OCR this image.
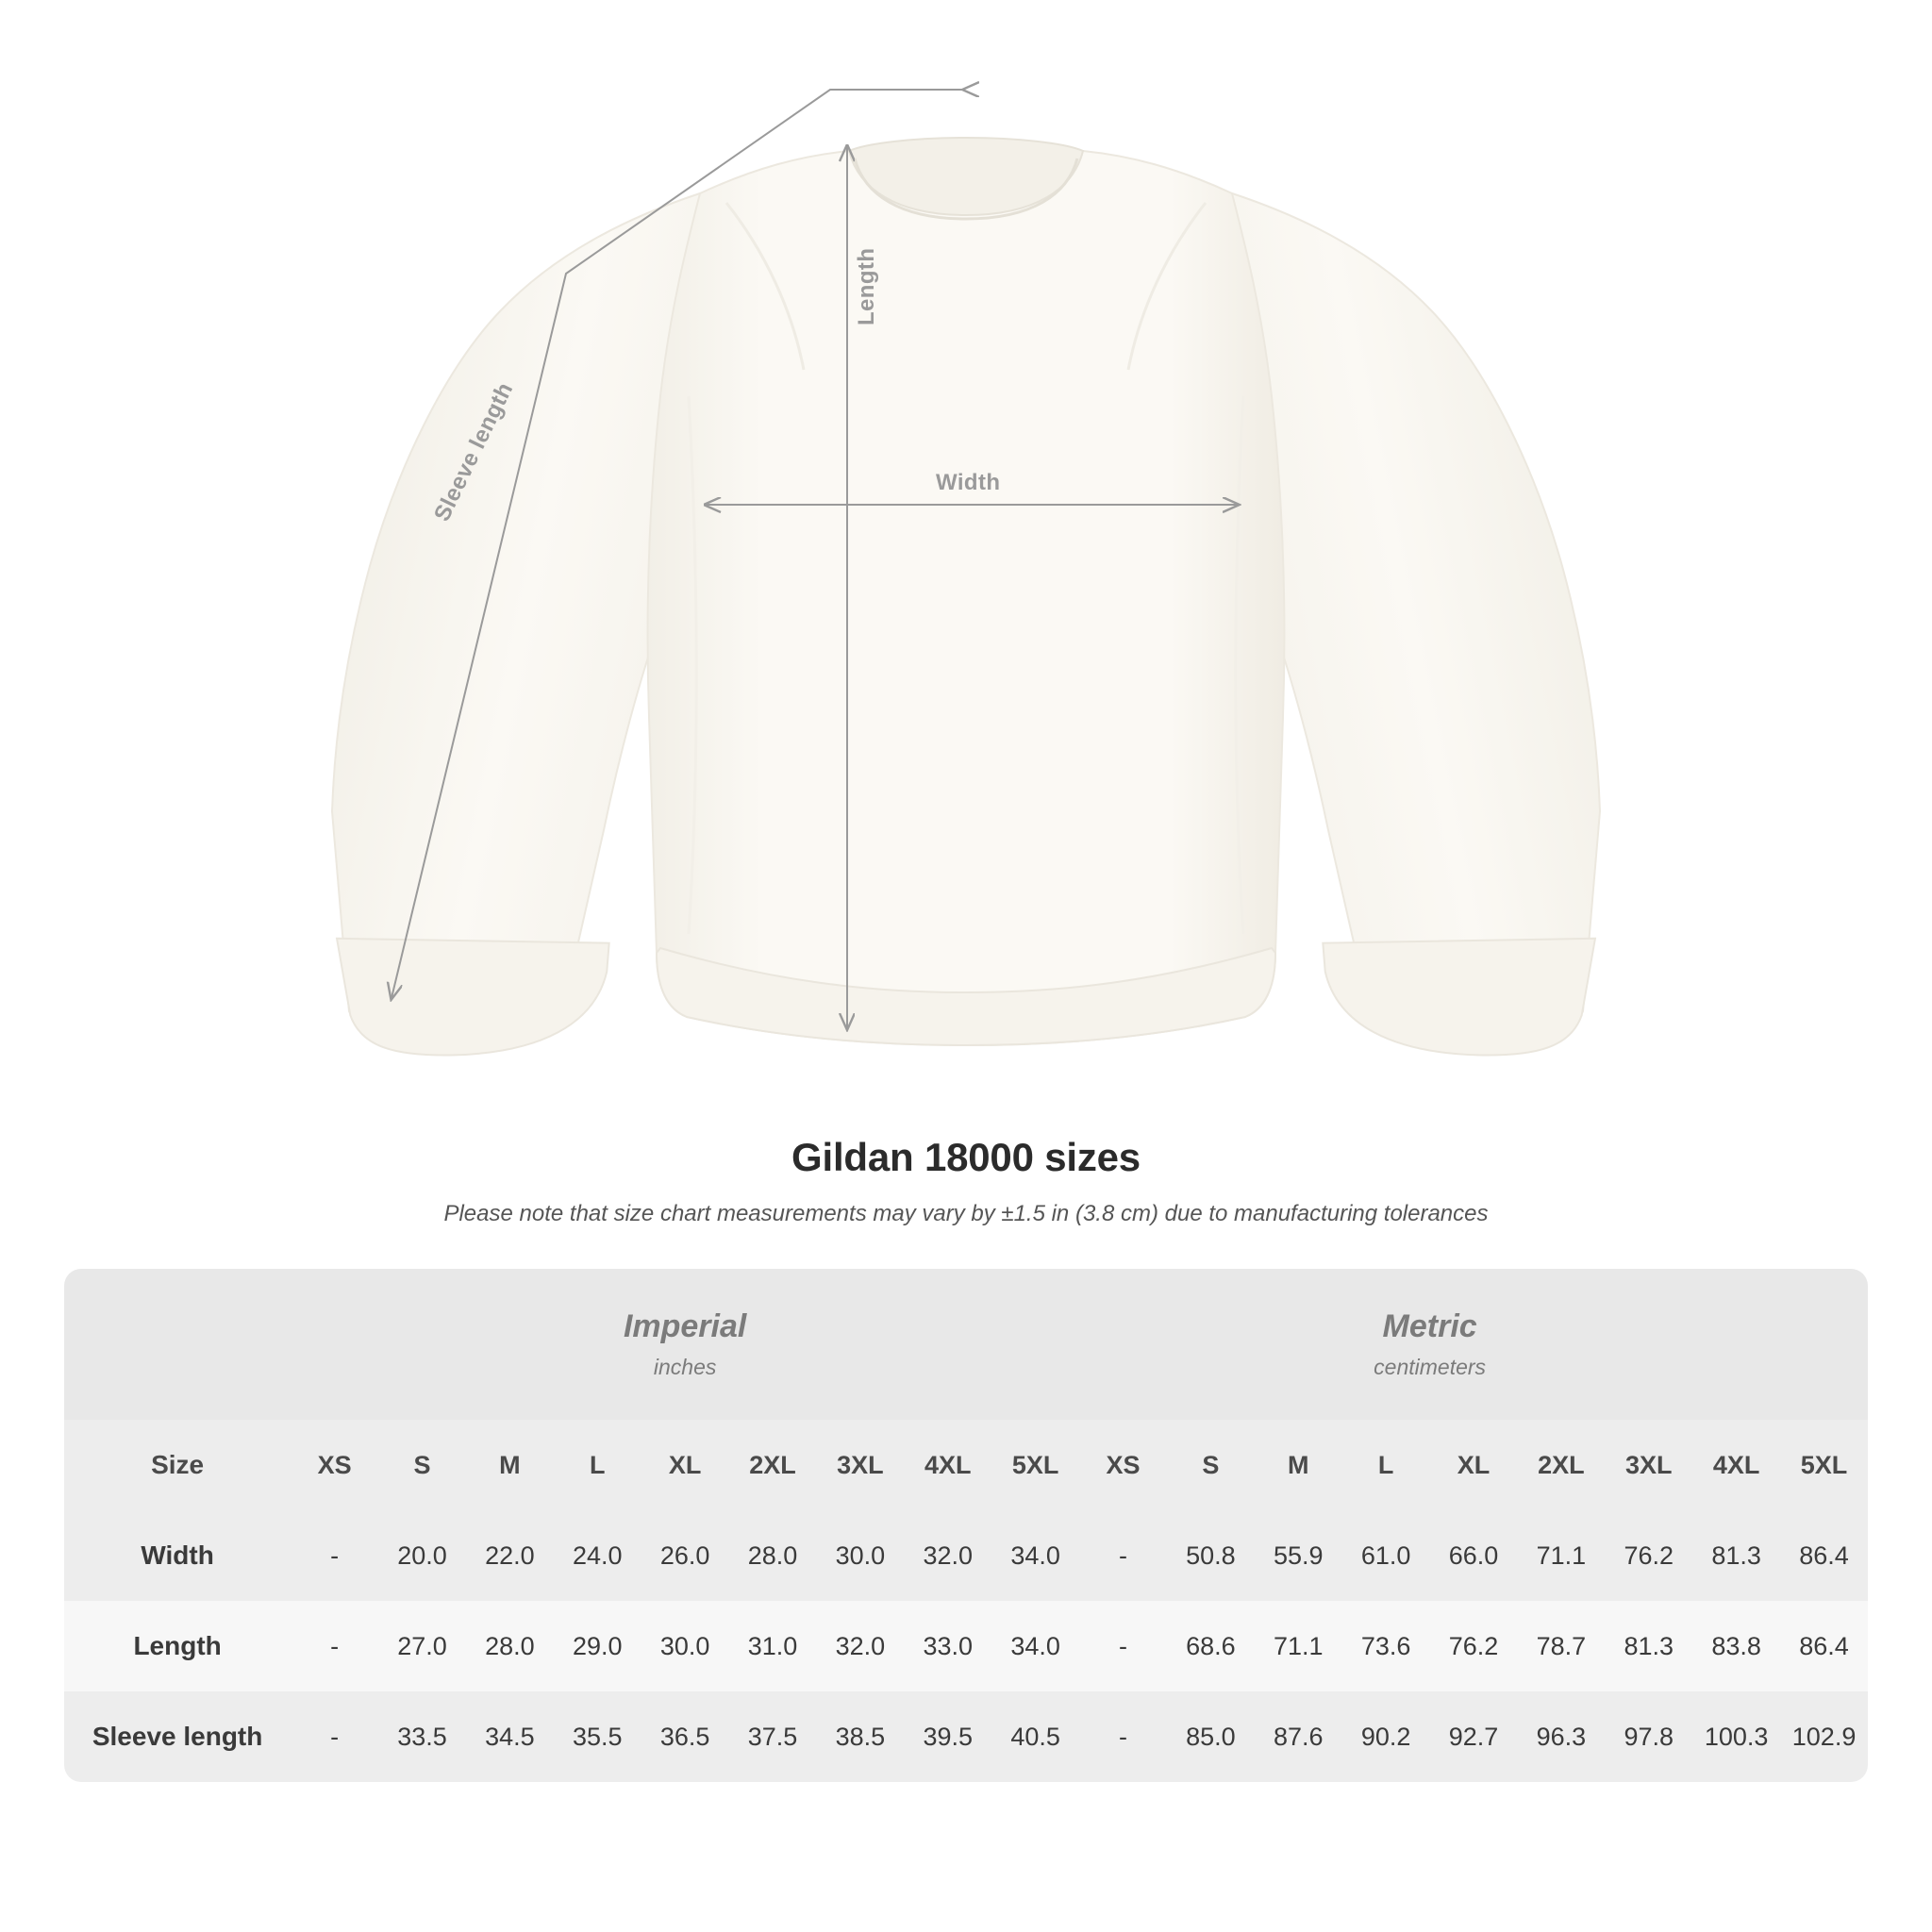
Width
Length
Sleeve length
Gildan 18000 sizes
Please note that size chart measurements may vary by ±1.5 in (3.8 cm) due to manufacturing tolerances

Imperial
inches

Metric
centimeters

Size	XS	S	M	L	XL	2XL	3XL	4XL	5XL	XS	S	M	L	XL	2XL	3XL	4XL	5XL
Width	-	20.0	22.0	24.0	26.0	28.0	30.0	32.0	34.0	-	50.8	55.9	61.0	66.0	71.1	76.2	81.3	86.4
Length	-	27.0	28.0	29.0	30.0	31.0	32.0	33.0	34.0	-	68.6	71.1	73.6	76.2	78.7	81.3	83.8	86.4
Sleeve length	-	33.5	34.5	35.5	36.5	37.5	38.5	39.5	40.5	-	85.0	87.6	90.2	92.7	96.3	97.8	100.3	102.9
